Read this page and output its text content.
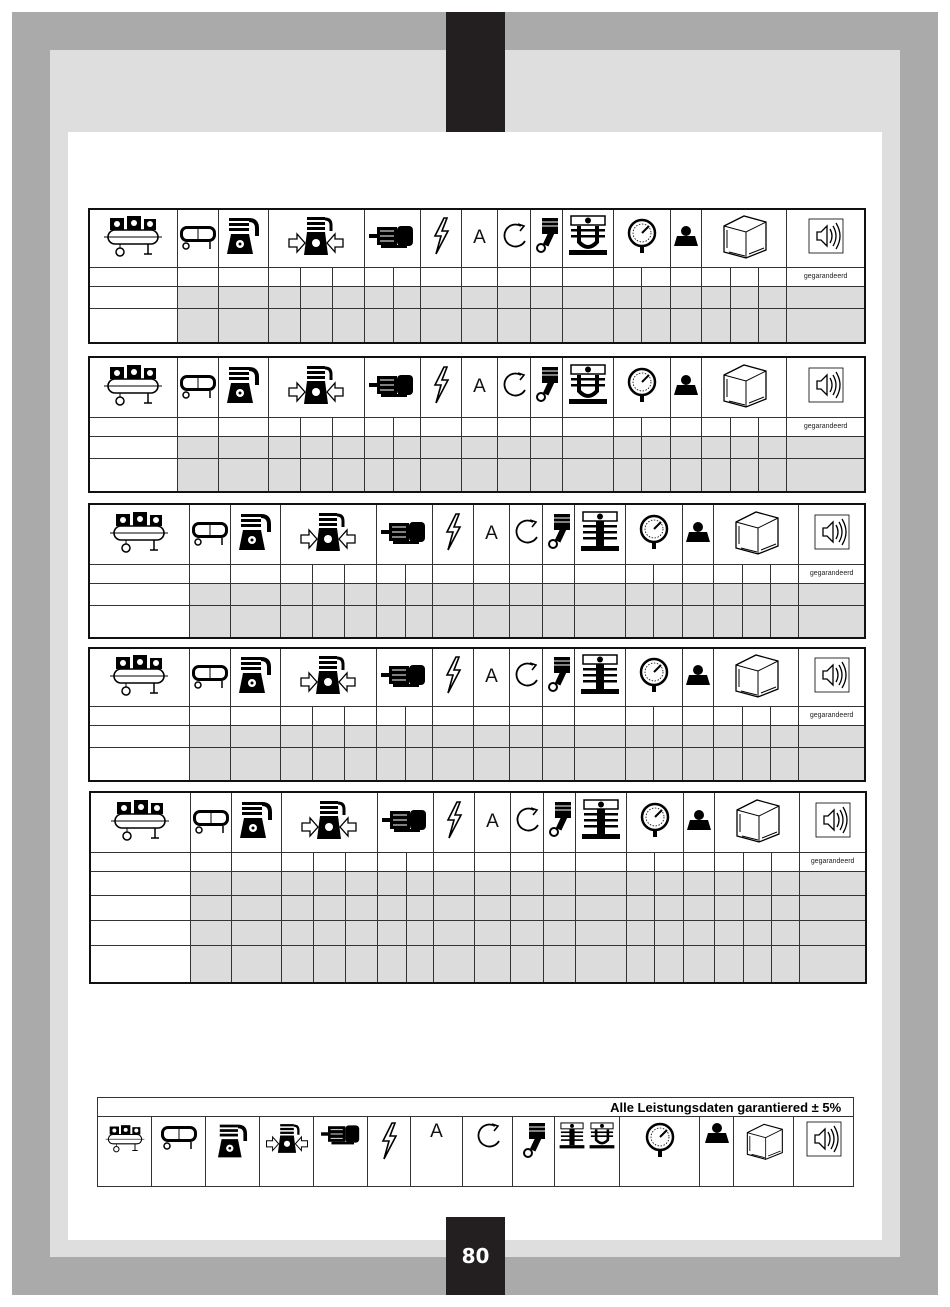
80
						A							
																			gegarandeerd

						A							
																			gegarandeerd

						A							
																			gegarandeerd

						A							
																			gegarandeerd

						A							
																			gegarandeerd

Alle Leistungsdaten garantiered ± 5%
						A							
